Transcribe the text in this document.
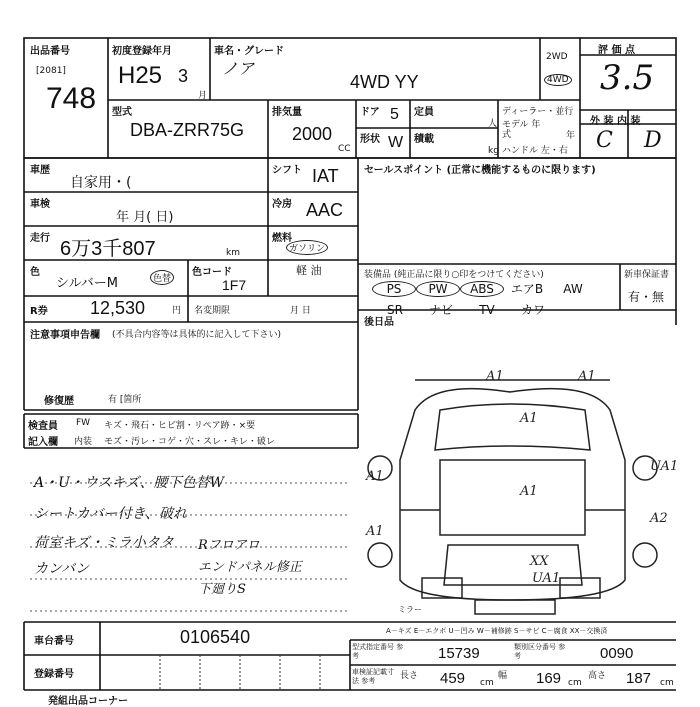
出品番号
[2081]
748
初度登録年月
H25 3
月
車名・グレード
ノア
4WD YY
2WD
4WD
評 価 点
3.5
外 装 内 装
C D
型式
DBA-ZRR75G
排気量
2000
CC
ドア 5
形状 W
定員
人
積載
kg
ディーラー・並行
モデル 年式	年
ハンドル 左・右
車歴
自家用・(
シフト IAT
車検
年 月( 日)
冷房 AAC
走行 6万3千807	km
燃料
ガソリン
軽 油
色
シルバーM	色替
色コード
1F7
R券 12,530	円 名変期限	月 日
注意事項申告欄 (不具合内容等は具体的に記入して下さい)
修復歴	有 [箇所
セールスポイント (正常に機能するものに限ります)
装備品 (純正品に限り○印をつけてください)
PS PW ABS エアB AWSR ナビ TV カワ
新車保証書
有・無
後日品
検査員
記入欄
FW キズ・飛石・ヒビ割・リペア跡・×要
内装 モズ・汚レ・コゲ・穴・スレ・キレ・破レ
A・U・ウスキズ、腰下色替W
シートカバー付き、破れ
荷室キズ・ミラ小タタ
カンバン
Rフロアロ
エンドパネル修正
下廻りS
A1	A1
A1
A1
A1
UA1
A2
XX
UA1
A1
ミラー
A－キズ E－エクボ U－凹み W－補修跡 S－サビ C－腐食 XX－交換済
車台番号	0106540
登録番号
型式指定番号 参考	15739	類別区分番号 参考	0090
車検証記載寸法 参考	長さ 459 cm
幅 169 cm
高さ 187 cm
発組出品コーナー
